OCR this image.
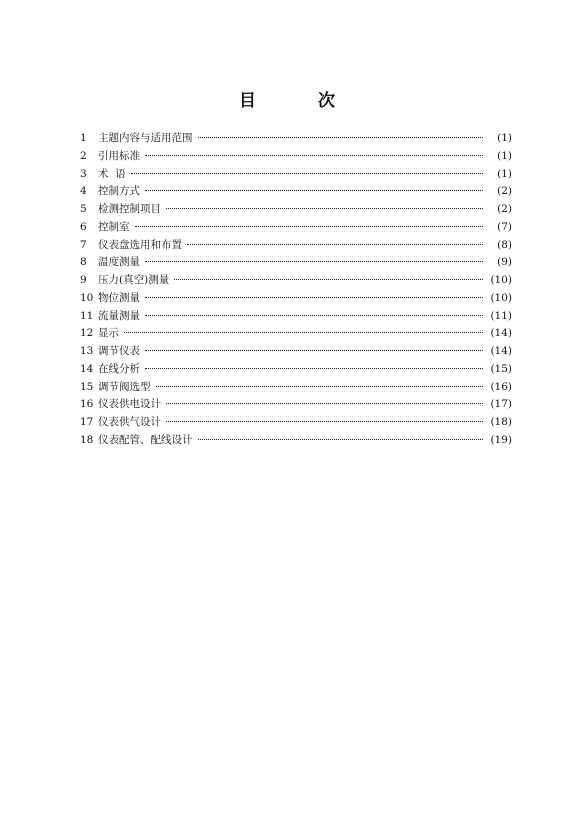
目 次
1	主题内容与适用范围	(1)
2	引用标准	(1)
3	术  语	(1)
4	控制方式	(2)
5	检测控制项目	(2)
6	控制室	(7)
7	仪表盘选用和布置	(8)
8	温度测量	(9)
9	压力(真空)测量	(10)
10 物位测量	(10)
11 流量测量	(11)
12 显示	(14)
13 调节仪表	(14)
14 在线分析	(15)
15 调节阀选型	(16)
16 仪表供电设计	(17)
17 仪表供气设计	(18)
18 仪表配管、配线设计	(19)
